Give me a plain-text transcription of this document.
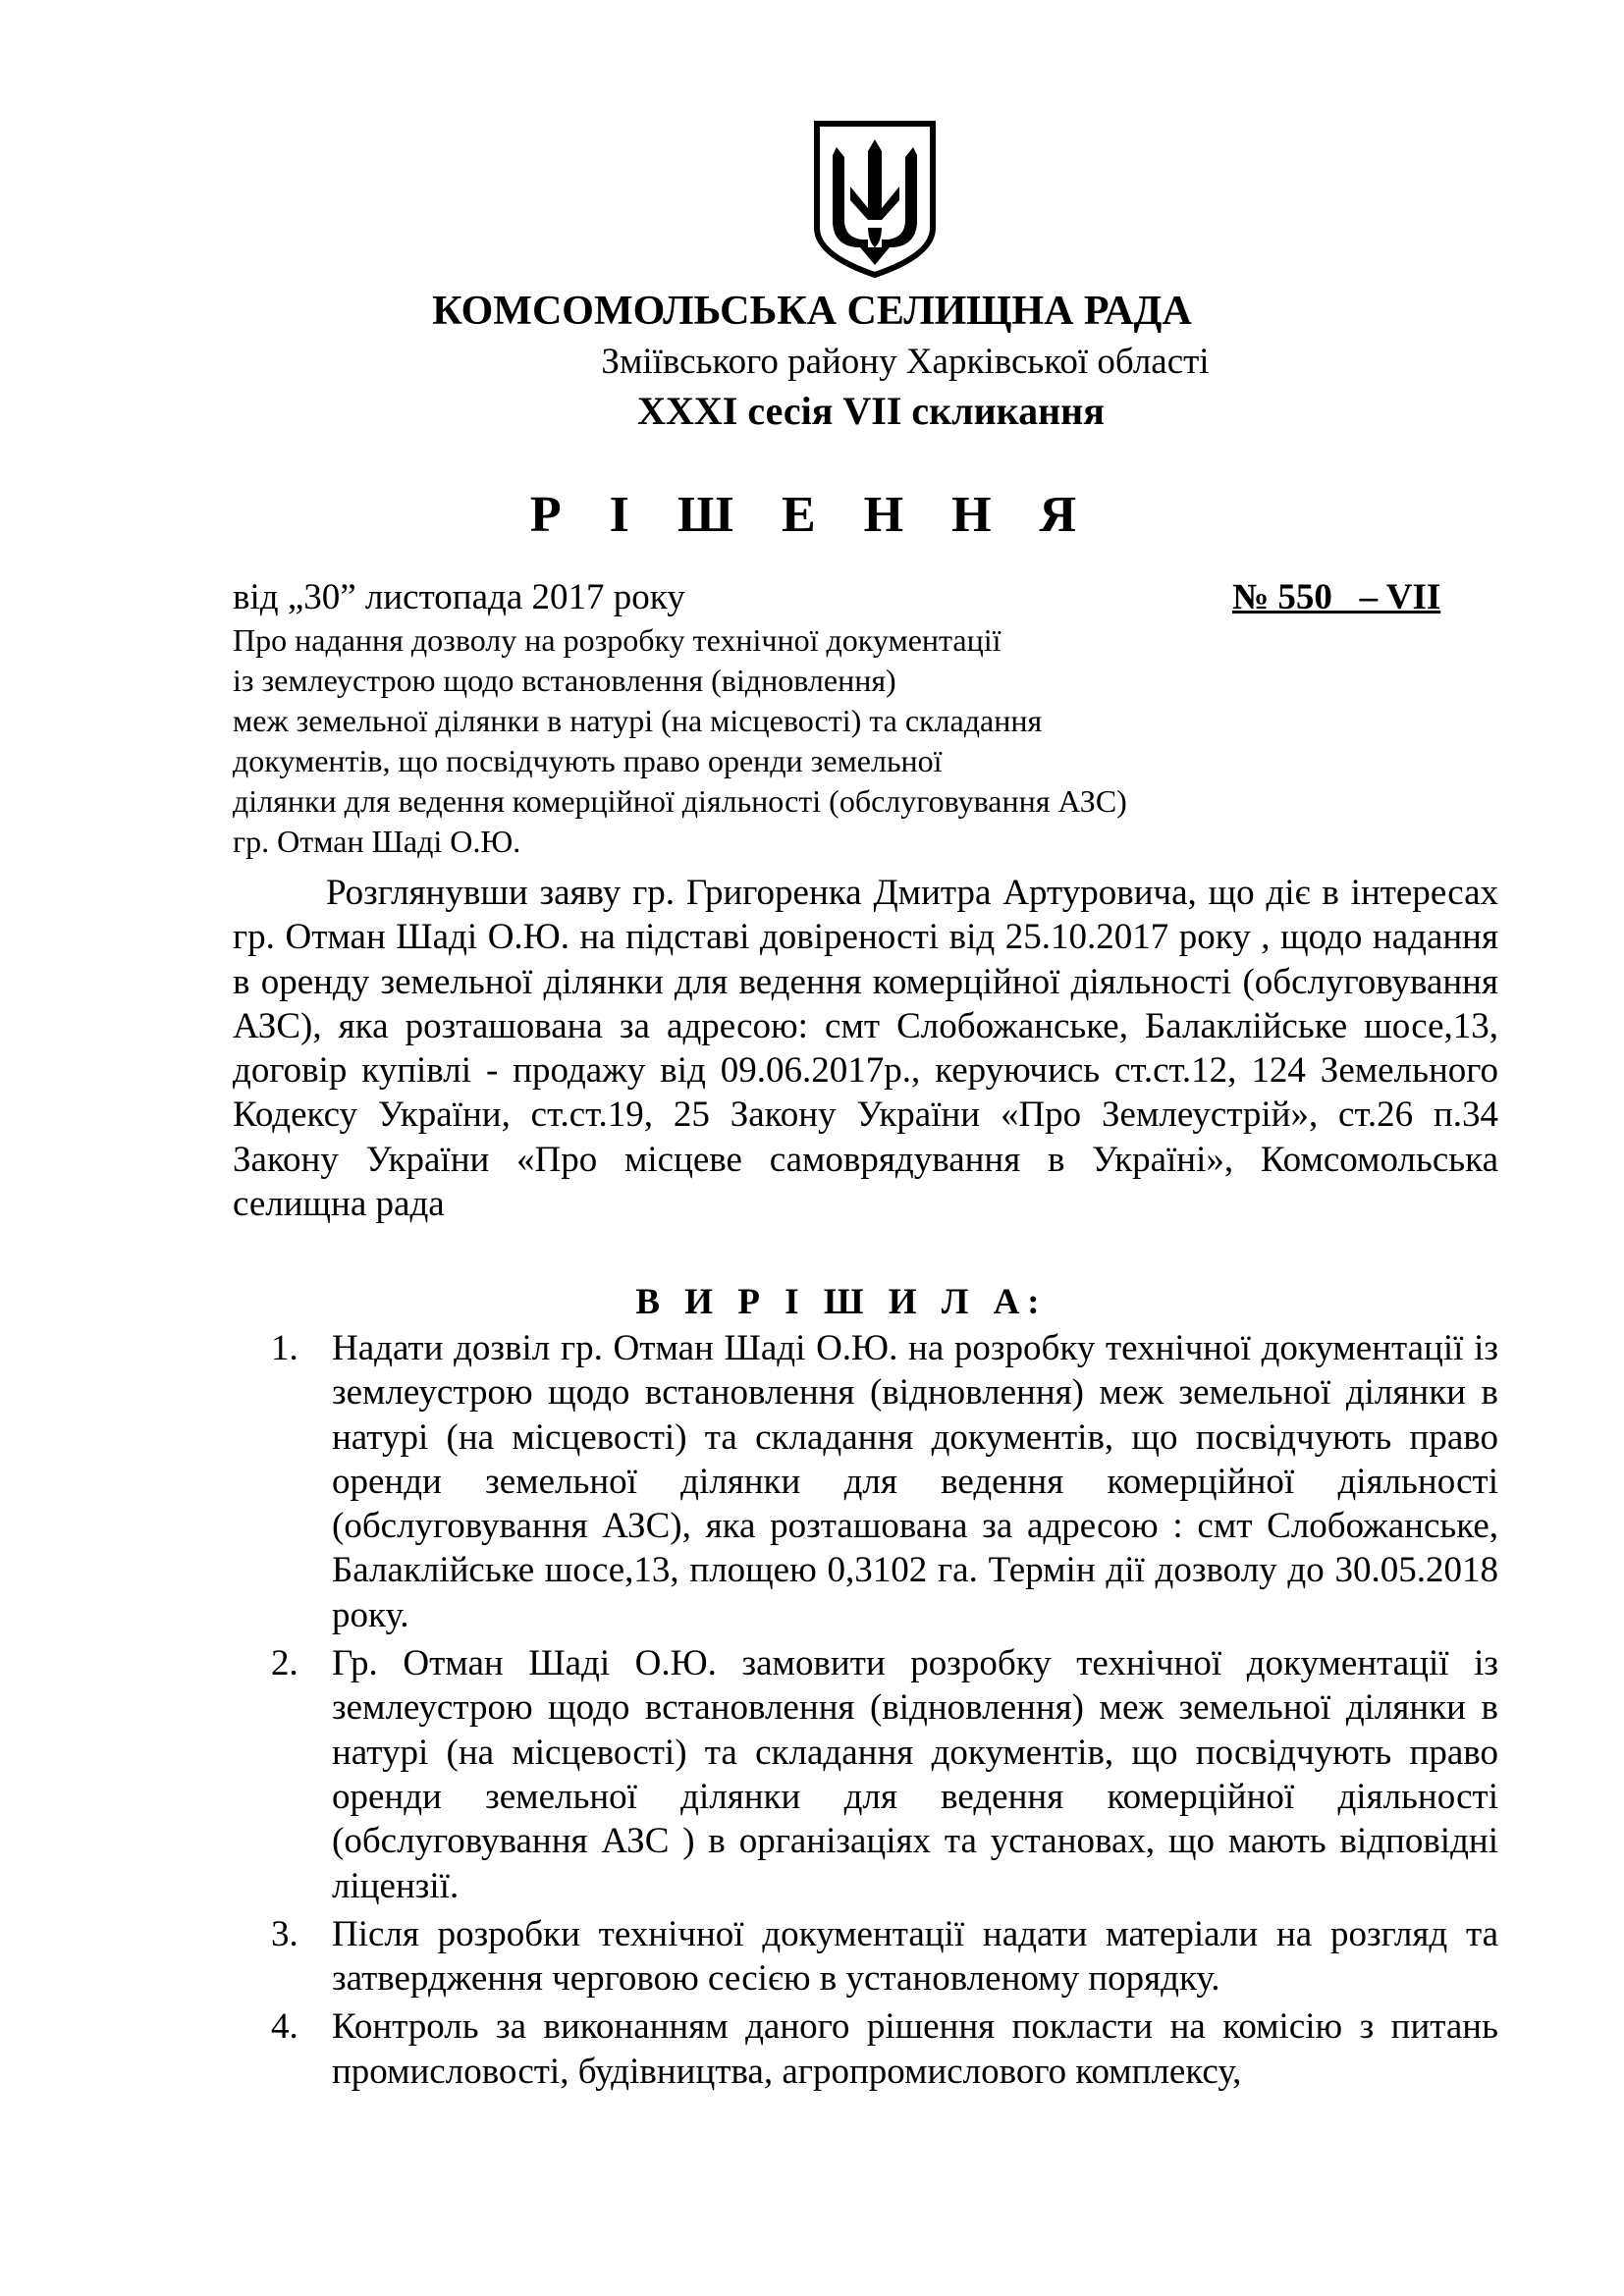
КОМСОМОЛЬСЬКА СЕЛИЩНА РАДА
Зміївського району Харківської області
XXXI сесія VII скликання
Р І Ш Е Н Н Я
від „30” листопада 2017 року	№ 550   – VII
Про надання дозволу на розробку технічної документації
із землеустрою щодо встановлення (відновлення)
меж земельної ділянки в натурі (на місцевості) та складання
документів, що посвідчують право оренди земельної
ділянки для ведення комерційної діяльності (обслуговування АЗС)
гр. Отман Шаді О.Ю.

Розглянувши заяву гр. Григоренка Дмитра Артуровича, що діє в інтересах гр. Отман Шаді О.Ю. на підставі довіреності від 25.10.2017 року , щодо надання в оренду земельної ділянки для ведення комерційної діяльності (обслуговування АЗС), яка розташована за адресою: смт Слобожанське, Балаклійське шосе,13, договір купівлі - продажу від 09.06.2017р., керуючись ст.ст.12, 124 Земельного Кодексу України, ст.ст.19, 25 Закону України «Про Землеустрій», ст.26 п.34 Закону України «Про місцеве самоврядування в Україні», Комсомольська селищна рада

В И Р І Ш И Л А:
1. Надати дозвіл гр. Отман Шаді О.Ю. на розробку технічної документації із землеустрою щодо встановлення (відновлення) меж земельної ділянки в натурі (на місцевості) та складання документів, що посвідчують право оренди земельної ділянки для ведення комерційної діяльності (обслуговування АЗС), яка розташована за адресою : смт Слобожанське, Балаклійське шосе,13, площею 0,3102 га. Термін дії дозволу до 30.05.2018 року.
2. Гр. Отман Шаді О.Ю. замовити розробку технічної документації із землеустрою щодо встановлення (відновлення) меж земельної ділянки в натурі (на місцевості) та складання документів, що посвідчують право оренди земельної ділянки для ведення комерційної діяльності (обслуговування АЗС ) в організаціях та установах, що мають відповідні ліцензії.
3. Після розробки технічної документації надати матеріали на розгляд та затвердження черговою сесією в установленому порядку.
4. Контроль за виконанням даного рішення покласти на комісію з питань промисловості, будівництва, агропромислового комплексу,
